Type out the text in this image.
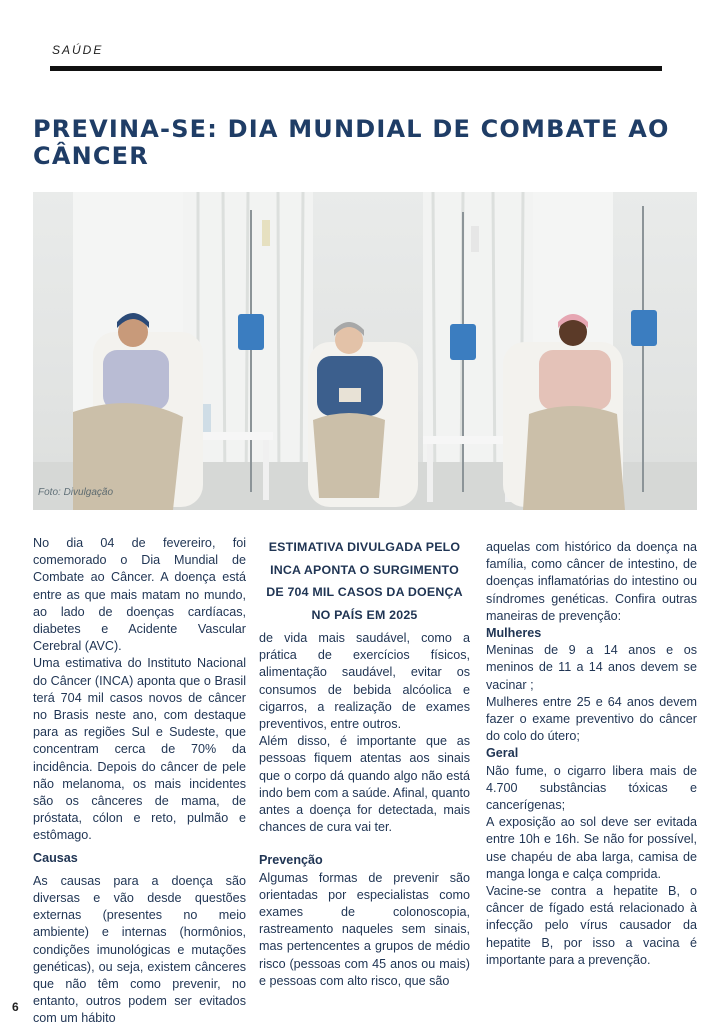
SAÚDE
PREVINA-SE: DIA MUNDIAL DE COMBATE AO CÂNCER
Foto: Divulgação

No dia 04 de fevereiro, foi comemorado o Dia Mundial de Combate ao Câncer. A doença está entre as que mais matam no mundo, ao lado de doenças cardíacas, diabetes e Acidente Vascular Cerebral (AVC).

Uma estimativa do Instituto Nacional do Câncer (INCA) aponta que o Brasil terá 704 mil casos novos de câncer no Brasis neste ano, com destaque para as regiões Sul e Sudeste, que concentram cerca de 70% da incidência. Depois do câncer de pele não melanoma, os mais incidentes são os cânceres de mama, de próstata, cólon e reto, pulmão e estômago.

Causas

As causas para a doença são diversas e vão desde questões externas (presentes no meio ambiente) e internas (hormônios, condições imunológicas e mutações genéticas), ou seja, existem cânceres que não têm como prevenir, no entanto, outros podem ser evitados com um hábito

ESTIMATIVA DIVULGADA PELO INCA APONTA O SURGIMENTO DE 704 MIL CASOS DA DOENÇA NO PAÍS EM 2025

de vida mais saudável, como a prática de exercícios físicos, alimentação saudável, evitar os consumos de bebida alcóolica e cigarros, a realização de exames preventivos, entre outros.

Além disso, é importante que as pessoas fiquem atentas aos sinais que o corpo dá quando algo não está indo bem com a saúde. Afinal, quanto antes a doença for detectada, mais chances de cura vai ter.

Prevenção

Algumas formas de prevenir são orientadas por especialistas como exames de colonoscopia, rastreamento naqueles sem sinais, mas pertencentes a grupos de médio risco (pessoas com 45 anos ou mais) e pessoas com alto risco, que são

aquelas com histórico da doença na família, como câncer de intestino, de doenças inflamatórias do intestino ou síndromes genéticas. Confira outras maneiras de prevenção:

Mulheres

Meninas de 9 a 14 anos e os meninos de 11 a 14 anos devem se vacinar ;

Mulheres entre 25 e 64 anos devem fazer o exame preventivo do câncer do colo do útero;

Geral

Não fume, o cigarro libera mais de 4.700 substâncias tóxicas e cancerígenas;

A exposição ao sol deve ser evitada entre 10h e 16h. Se não for possível, use chapéu de aba larga, camisa de manga longa e calça comprida.

Vacine-se contra a hepatite B, o câncer de fígado está relacionado à infecção pelo vírus causador da hepatite B, por isso a vacina é importante para a prevenção.

6
